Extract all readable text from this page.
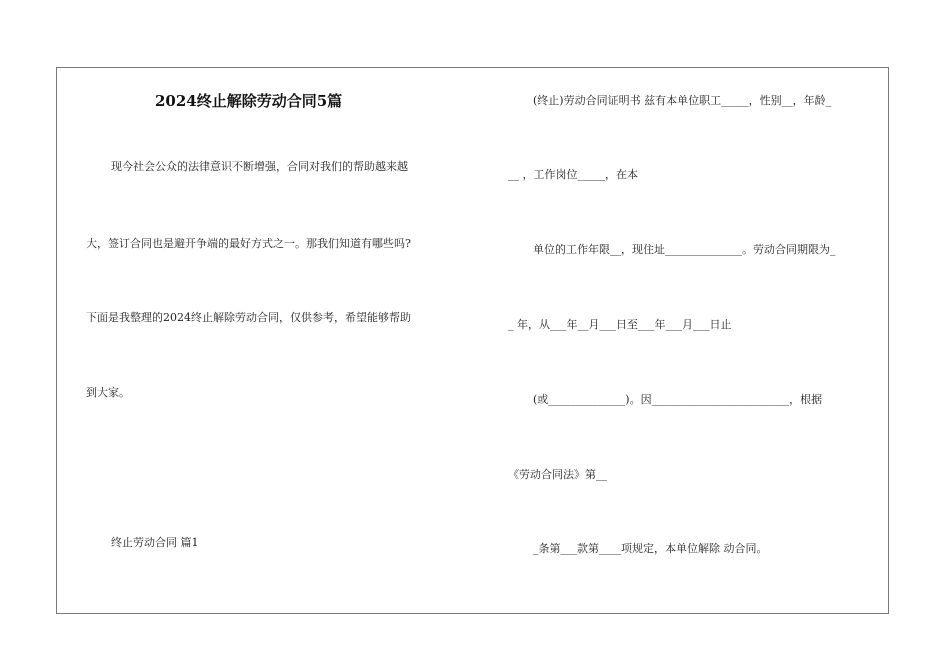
2024终止解除劳动合同5篇
现今社会公众的法律意识不断增强，合同对我们的帮助越来越
大，签订合同也是避开争端的最好方式之一。那我们知道有哪些吗?
下面是我整理的2024终止解除劳动合同，仅供参考，希望能够帮助
到大家。
终止劳动合同 篇1
(终止)劳动合同证明书 兹有本单位职工_____，性别__，年龄_
__ ，工作岗位_____，在本
单位的工作年限__，现住址______________。劳动合同期限为_
_ 年，从___年__月___日至___年___月___日止
(或______________)。因_________________________，根据
《劳动合同法》第__
_条第___款第____项规定，本单位解除 动合同。
